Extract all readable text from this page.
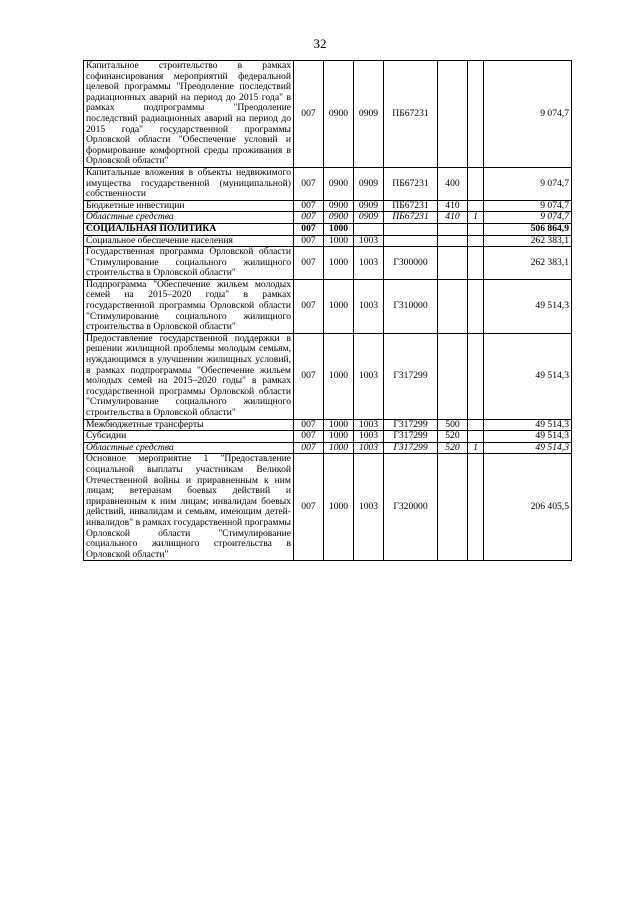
32
Капитальное строительство в рамках софинансирования мероприятий федеральной целевой программы "Преодоление последствий радиационных аварий на период до 2015 года" в рамках подпрограммы "Преодоление последствий радиационных аварий на период до 2015 года" государственной программы Орловской области "Обеспечение условий и формирование комфортной среды проживания в Орловской области"	007	0900	0909	ПБ67231			9 074,7
Капитальные вложения в объекты недвижимого имущества государственной (муниципальной) собственности	007	0900	0909	ПБ67231	400		9 074,7
Бюджетные инвестиции	007	0900	0909	ПБ67231	410		9 074,7
Областные средства	007	0900	0909	ПБ67231	410	1	9 074,7
СОЦИАЛЬНАЯ ПОЛИТИКА	007	1000					506 864,9
Социальное обеспечение населения	007	1000	1003				262 383,1
Государственная программа Орловской области "Стимулирование социального жилищного строительства в Орловской области"	007	1000	1003	Г300000			262 383,1
Подпрограмма "Обеспечение жильем молодых семей на 2015–2020 годы" в рамках государственной программы Орловской области "Стимулирование социального жилищного строительства в Орловской области"	007	1000	1003	Г310000			49 514,3
Предоставление государственной поддержки в решении жилищной проблемы молодым семьям, нуждающимся в улучшении жилищных условий, в рамках подпрограммы "Обеспечение жильем молодых семей на 2015–2020 годы" в рамках государственной программы Орловской области "Стимулирование социального жилищного строительства в Орловской области"	007	1000	1003	Г317299			49 514,3
Межбюджетные трансферты	007	1000	1003	Г317299	500		49 514,3
Субсидии	007	1000	1003	Г317299	520		49 514,3
Областные средства	007	1000	1003	Г317299	520	1	49 514,3
Основное мероприятие 1 "Предоставление социальной выплаты участникам Великой Отечественной войны и приравненным к ним лицам; ветеранам боевых действий и приравненным к ним лицам; инвалидам боевых действий, инвалидам и семьям, имеющим детей-инвалидов" в рамках государственной программы Орловской области "Стимулирование социального жилищного строительства в Орловской области"	007	1000	1003	Г320000			206 405,5
